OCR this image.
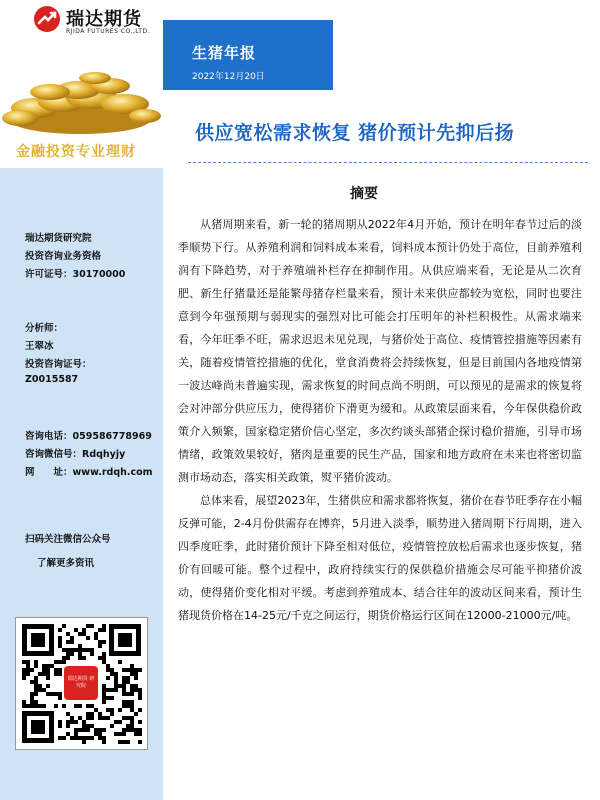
瑞达期货
RJIDA FUTURES CO.,LTD.
金融投资专业理财
瑞达期货研究院
投资咨询业务资格
许可证号：30170000
分析师：
王翠冰
投资咨询证号：
Z0015587
咨询电话：059586778969
咨询微信号：Rdqhyjy
网　　址：www.rdqh.com
扫码关注微信公众号
了解更多资讯
瑞达期货 研究院
生猪年报
2022年12月20日
供应宽松需求恢复 猪价预计先抑后扬
摘要

从猪周期来看，新一轮的猪周期从2022年4月开始，预计在明年春节过后的淡季顺势下行。从养殖利润和饲料成本来看，饲料成本预计仍处于高位，目前养殖利润有下降趋势，对于养殖端补栏存在抑制作用。从供应端来看，无论是从二次育肥、新生仔猪量还是能繁母猪存栏量来看，预计未来供应都较为宽松，同时也要注意到今年强预期与弱现实的强烈对比可能会打压明年的补栏积极性。从需求端来看，今年旺季不旺，需求迟迟未见兑现，与猪价处于高位、疫情管控措施等因素有关，随着疫情管控措施的优化，堂食消费将会持续恢复，但是目前国内各地疫情第一波达峰尚未普遍实现，需求恢复的时间点尚不明朗，可以预见的是需求的恢复将会对冲部分供应压力，使得猪价下滑更为缓和。从政策层面来看，今年保供稳价政策介入频繁，国家稳定猪价信心坚定，多次约谈头部猪企探讨稳价措施，引导市场情绪，政策效果较好，猪肉是重要的民生产品，国家和地方政府在未来也将密切监测市场动态，落实相关政策，熨平猪价波动。

总体来看，展望2023年，生猪供应和需求都将恢复，猪价在春节旺季存在小幅反弹可能，2-4月份供需存在博弈，5月进入淡季，顺势进入猪周期下行周期，进入四季度旺季，此时猪价预计下降至相对低位，疫情管控放松后需求也逐步恢复，猪价有回暖可能。整个过程中，政府持续实行的保供稳价措施会尽可能平抑猪价波动，使得猪价变化相对平缓。考虑到养殖成本、结合往年的波动区间来看，预计生猪现货价格在14-25元/千克之间运行，期货价格运行区间在12000-21000元/吨。
